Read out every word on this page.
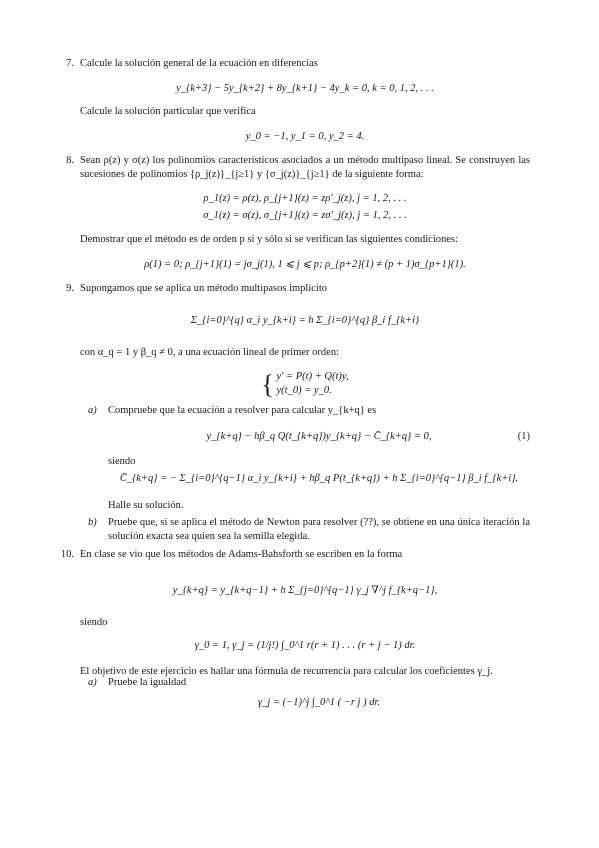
7. Calcule la solución general de la ecuación en diferencias

y_{k+3} − 5y_{k+2} + 8y_{k+1} − 4y_k = 0, k = 0, 1, 2, . . .

Calcule la solución particular que verifica

y_0 = −1, y_1 = 0, y_2 = 4.

8. Sean ρ(z) y σ(z) los polinomios característicos asociados a un método multipaso lineal. Se construyen las sucesiones de polinomios {ρ_j(z)}_{j≥1} y {σ_j(z)}_{j≥1} de la siguiente forma:

ρ_1(z) = ρ(z), ρ_{j+1}(z) = zρ'_j(z), j = 1, 2, . . .

σ_1(z) = σ(z), σ_{j+1}(z) = zσ'_j(z), j = 1, 2, . . .

Demostrar que el método es de orden p si y sólo si se verifican las siguientes condiciones:

ρ(1) = 0; ρ_{j+1}(1) = jσ_j(1), 1 ⩽ j ⩽ p; ρ_{p+2}(1) ≠ (p + 1)σ_{p+1}(1).

9. Supongamos que se aplica un método multipasos implícito

Σ_{i=0}^{q} α_i y_{k+i} = h Σ_{i=0}^{q} β_i f_{k+i}

con α_q = 1 y β_q ≠ 0, a una ecuación lineal de primer orden:

{ y' = P(t) + Q(t)y,
y(t_0) = y_0.
a) Compruebe que la ecuación a resolver para calcular y_{k+q} es

y_{k+q} − hβ_q Q(t_{k+q})y_{k+q} − C̄_{k+q} = 0,	(1)
siendo
C̄_{k+q} = − Σ_{i=0}^{q−1} α_i y_{k+i} + hβ_q P(t_{k+q}) + h Σ_{i=0}^{q−1} β_i f_{k+i}.
Halle su solución.
b) Pruebe que, si se aplica el método de Newton para resolver (??), se obtiene en una única iteración la solución exacta sea quien sea la semilla elegida.

10. En clase se vio que los métodos de Adams-Bahsforth se escriben en la forma

y_{k+q} = y_{k+q−1} + h Σ_{j=0}^{q−1} γ_j ∇^j f_{k+q−1},

siendo

γ_0 = 1, γ_j = (1/j!) ∫_0^1 r(r + 1) . . . (r + j − 1) dr.

El objetivo de este ejercicio es hallar una fórmula de recurrencia para calcular los coeficientes γ_j.

a) Pruebe la igualdad

γ_j = (−1)^j ∫_0^1 ( −r j ) dr.
